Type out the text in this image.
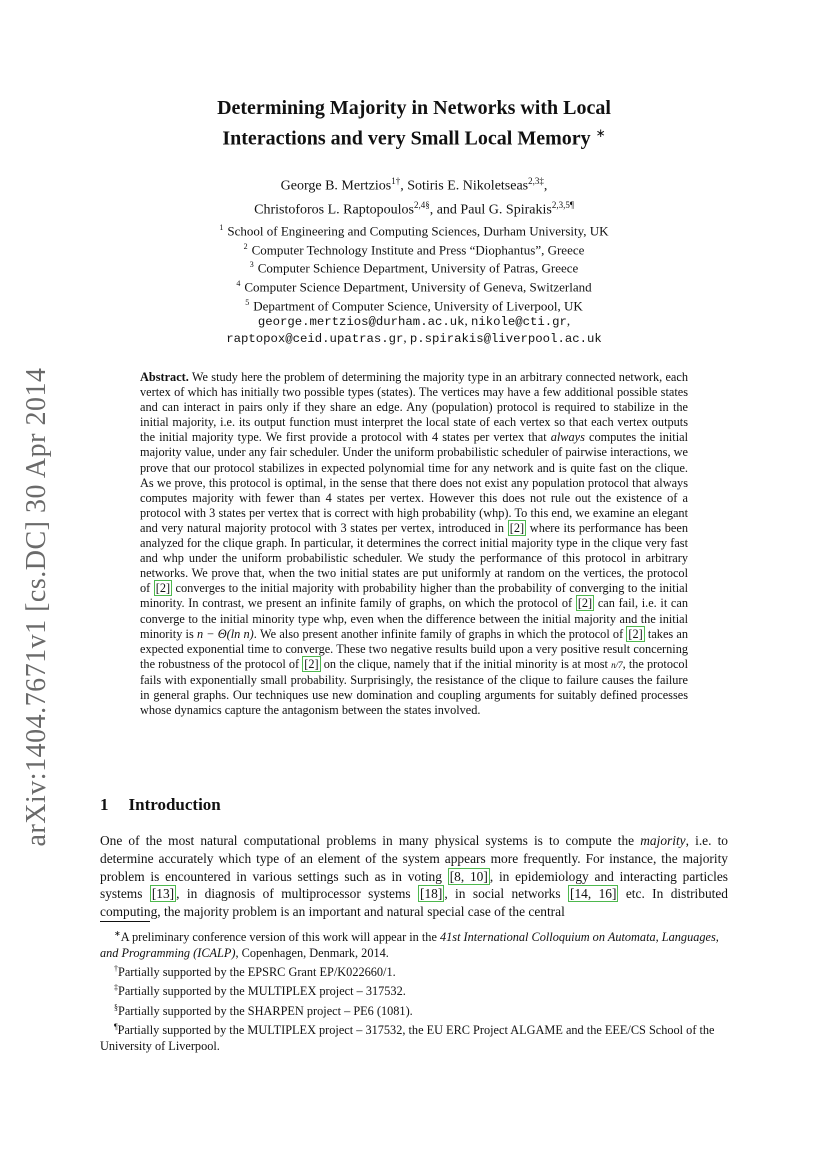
arXiv:1404.7671v1 [cs.DC] 30 Apr 2014
Determining Majority in Networks with Local
Interactions and very Small Local Memory ∗
George B. Mertzios$^{1\dagger}$, Sotiris E. Nikoletseas$^{2,3\ddagger}$,
Christoforos L. Raptopoulos$^{2,4\S}$, and Paul G. Spirakis$^{2,3,5\P}$
$^1$ School of Engineering and Computing Sciences, Durham University, UK
$^2$ Computer Technology Institute and Press “Diophantus”, Greece
$^3$ Computer Schience Department, University of Patras, Greece
$^4$ Computer Science Department, University of Geneva, Switzerland
$^5$ Department of Computer Science, University of Liverpool, UK
george.mertzios@durham.ac.uk, nikole@cti.gr,
raptopox@ceid.upatras.gr, p.spirakis@liverpool.ac.uk

Abstract. We study here the problem of determining the majority type in an arbitrary connected network, each vertex of which has initially two possible types (states). The vertices may have a few additional possible states and can interact in pairs only if they share an edge. Any (population) protocol is required to stabilize in the initial majority, i.e. its output function must interpret the local state of each vertex so that each vertex outputs the initial majority type. We first provide a protocol with 4 states per vertex that always computes the initial majority value, under any fair scheduler. Under the uniform probabilistic scheduler of pairwise interactions, we prove that our protocol stabilizes in expected polynomial time for any network and is quite fast on the clique. As we prove, this protocol is optimal, in the sense that there does not exist any population protocol that always computes majority with fewer than 4 states per vertex. However this does not rule out the existence of a protocol with 3 states per vertex that is correct with high probability (whp). To this end, we examine an elegant and very natural majority protocol with 3 states per vertex, introduced in [2] where its performance has been analyzed for the clique graph. In particular, it determines the correct initial majority type in the clique very fast and whp under the uniform probabilistic scheduler. We study the performance of this protocol in arbitrary networks. We prove that, when the two initial states are put uniformly at random on the vertices, the protocol of [2] converges to the initial majority with probability higher than the probability of converging to the initial minority. In contrast, we present an infinite family of graphs, on which the protocol of [2] can fail, i.e. it can converge to the initial minority type whp, even when the difference between the initial majority and the initial minority is n − Θ(ln n). We also present another infinite family of graphs in which the protocol of [2] takes an expected exponential time to converge. These two negative results build upon a very positive result concerning the robustness of the protocol of [2] on the clique, namely that if the initial minority is at most n/7, the protocol fails with exponentially small probability. Surprisingly, the resistance of the clique to failure causes the failure in general graphs. Our techniques use new domination and coupling arguments for suitably defined processes whose dynamics capture the antagonism between the states involved.

1 Introduction

One of the most natural computational problems in many physical systems is to compute the majority, i.e. to determine accurately which type of an element of the system appears more frequently. For instance, the majority problem is encountered in various settings such as in voting [8, 10] , in epidemiology and interacting particles systems [13] , in diagnosis of multiprocessor systems [18] , in social networks [14, 16] etc. In distributed computing, the majority problem is an important and natural special case of the central

∗A preliminary conference version of this work will appear in the 41st International Colloquium on Automata, Languages, and Programming (ICALP), Copenhagen, Denmark, 2014.
†Partially supported by the EPSRC Grant EP/K022660/1.
‡Partially supported by the MULTIPLEX project – 317532.
§Partially supported by the SHARPEN project – PE6 (1081).
¶Partially supported by the MULTIPLEX project – 317532, the EU ERC Project ALGAME and the EEE/CS School of the University of Liverpool.
